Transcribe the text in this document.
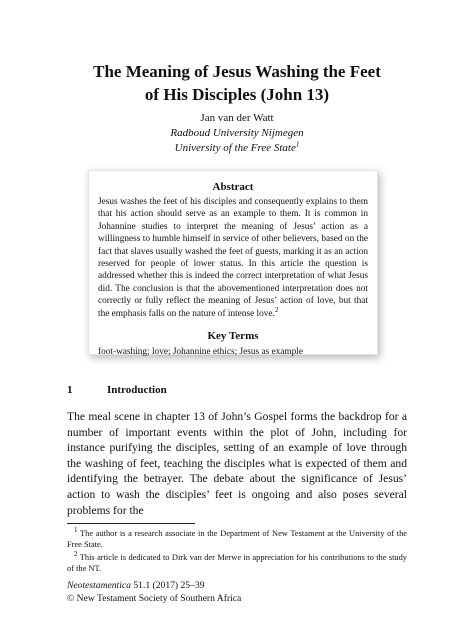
The Meaning of Jesus Washing the Feet
of His Disciples (John 13)
Jan van der Watt
Radboud University Nijmegen
University of the Free State$^1$
Abstract
Jesus washes the feet of his disciples and consequently explains to them that his action should serve as an example to them. It is common in Johannine studies to interpret the meaning of Jesus’ action as a willingness to humble himself in service of other believers, based on the fact that slaves usually washed the feet of guests, marking it as an action reserved for people of lower status. In this article the question is addressed whether this is indeed the correct interpretation of what Jesus did. The conclusion is that the abovementioned interpretation does not correctly or fully reflect the meaning of Jesus’ action of love, but that the emphasis falls on the nature of intense love.$^2$
Key Terms
foot-washing; love; Johannine ethics; Jesus as example
1	Introduction
The meal scene in chapter 13 of John’s Gospel forms the backdrop for a number of important events within the plot of John, including for instance purifying the disciples, setting of an example of love through the washing of feet, teaching the disciples what is expected of them and identifying the betrayer. The debate about the significance of Jesus’ action to wash the disciples’ feet is ongoing and also poses several problems for the

$^1$ The author is a research associate in the Department of New Testament at the University of the Free State.

$^2$ This article is dedicated to Dirk van der Merwe in appreciation for his contributions to the study of the NT.

Neotestamentica 51.1 (2017) 25–39
© New Testament Society of Southern Africa
